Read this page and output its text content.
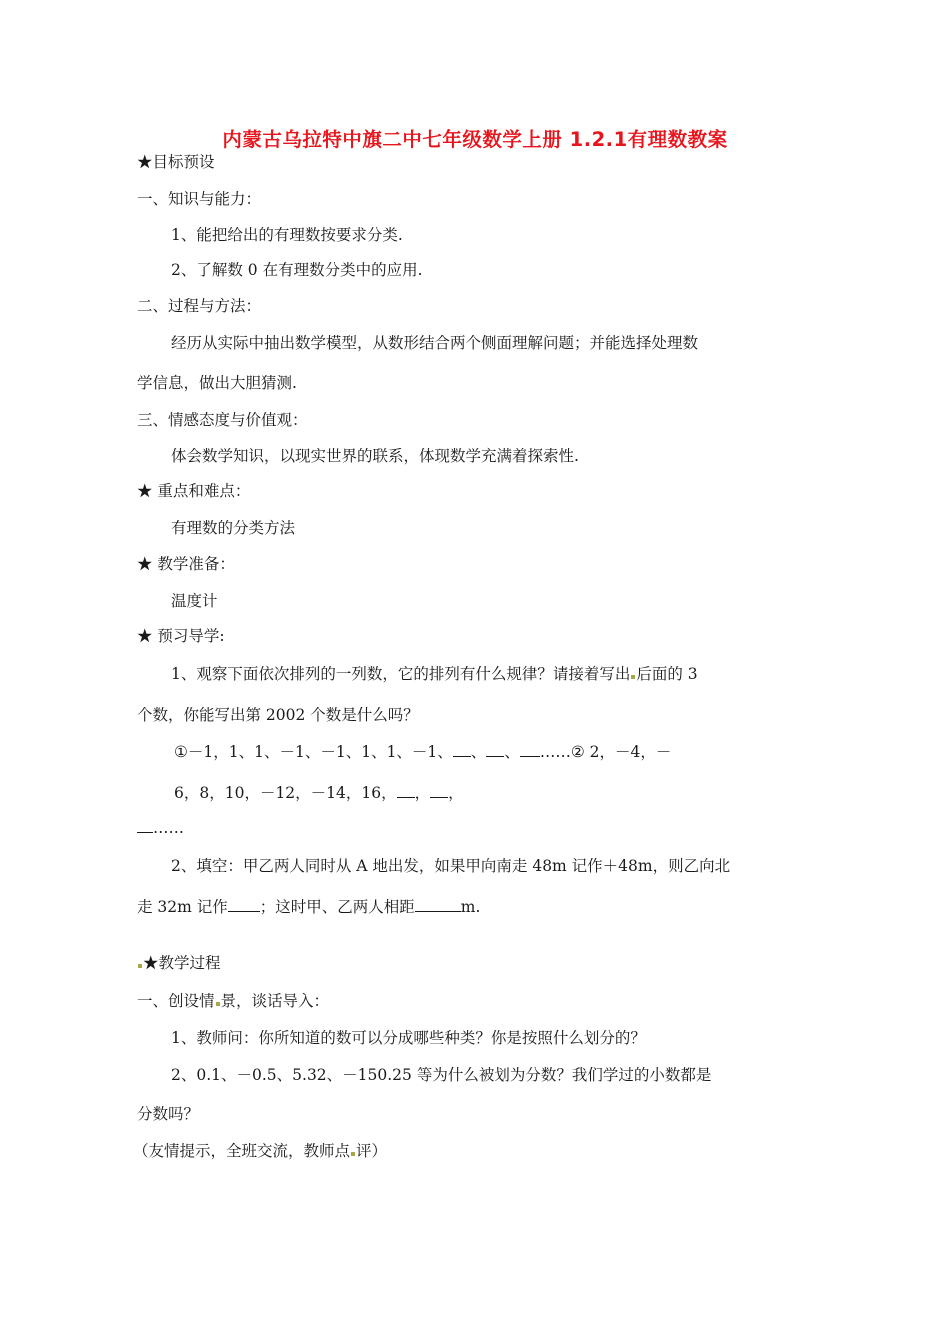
内蒙古乌拉特中旗二中七年级数学上册 1.2.1有理数教案
★目标预设
一、知识与能力：
1、能把给出的有理数按要求分类.
2、了解数 0 在有理数分类中的应用.
二、过程与方法：
经历从实际中抽出数学模型，从数形结合两个侧面理解问题；并能选择处理数
学信息，做出大胆猜测.
三、情感态度与价值观：
体会数学知识，以现实世界的联系，体现数学充满着探索性.
★ 重点和难点：
有理数的分类方法
★ 教学准备：
温度计
★ 预习导学:
1、观察下面依次排列的一列数，它的排列有什么规律？请接着写出 后面的 3
个数，你能写出第 2002 个数是什么吗？
①－1，1、1、－1、－1、1、1、－1、 、 、 ……② 2，－4，－
6，8，10，－12，－14，16， ， ，
……
2、填空：甲乙两人同时从 A 地出发，如果甲向南走 48m 记作＋48m，则乙向北
走 32m 记作 ；这时甲、乙两人相距	m.
★教学过程
一、创设情 景，谈话导入：
1、教师问：你所知道的数可以分成哪些种类？你是按照什么划分的？
2、0.1、－0.5、5.32、－150.25 等为什么被划为分数？我们学过的小数都是
分数吗？
（友情提示，全班交流，教师点 评）
